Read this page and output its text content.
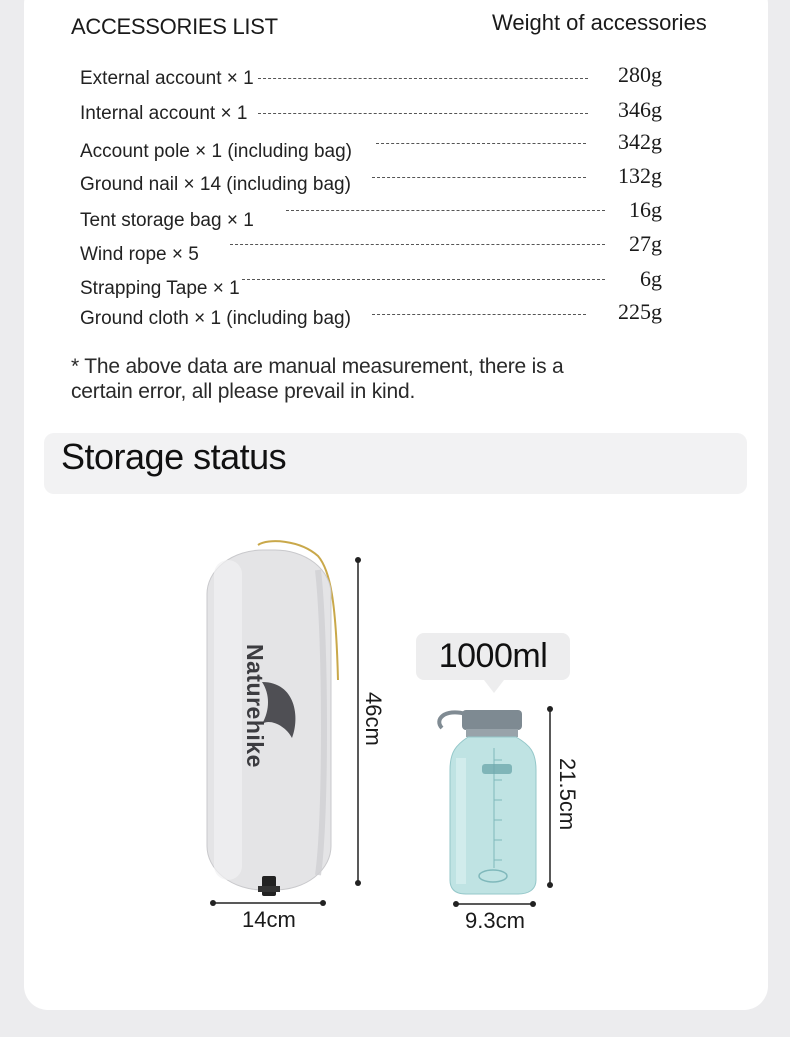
ACCESSORIES LIST	Weight of accessories
External account × 1	280g
Internal account × 1	346g
Account pole × 1 (including bag)	342g
Ground nail × 14 (including bag)	132g
Tent storage bag × 1	16g
Wind rope × 5	27g
Strapping Tape × 1	6g
Ground cloth × 1 (including bag)	225g
* The above data are manual measurement, there is a certain error, all please prevail in kind.
Storage status
Naturehike	46cm
14cm
21.5cm
9.3cm
1000ml
